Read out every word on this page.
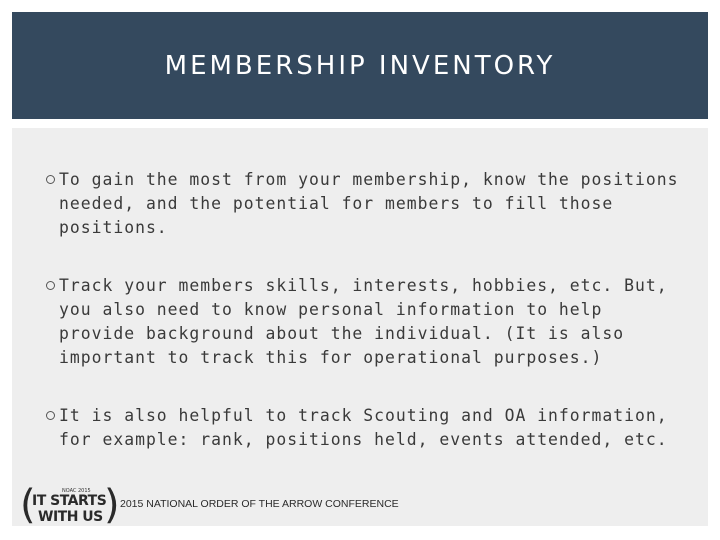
MEMBERSHIP INVENTORY
To gain the most from your membership, know the positions needed, and the potential for members to fill those positions.
Track your members skills, interests, hobbies, etc. But, you also need to know personal information to help provide background about the individual. (It is also important to track this for operational purposes.)
It is also helpful to track Scouting and OA information, for example: rank, positions held, events attended, etc.
(	NOAC 2015
IT STARTS
WITH US ) 2015 NATIONAL ORDER OF THE ARROW CONFERENCE
